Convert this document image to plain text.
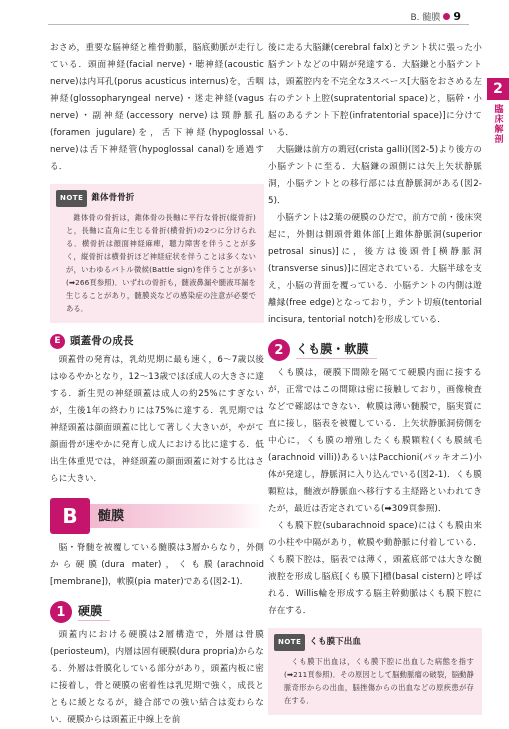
B. 髄膜 9
2
臨床解剖

おさめ，重要な脳神経と椎骨動脈，脳底動脈が走行している．頭面神経(facial nerve)・聴神経(acoustic nerve)は内耳孔(porus acusticus internus)を，舌咽神経(glossopharyngeal nerve)・迷走神経(vagus nerve)・副神経(accessory nerve)は頸静脈孔(foramen jugulare)を，舌下神経(hypoglossal nerve)は舌下神経管(hypoglossal canal)を通過する．

NOTE 錐体骨骨折

錐体骨の骨折は，錐体骨の長軸に平行な骨折(縦骨折)と，長軸に直角に生じる骨折(横骨折)の2つに分けられる．横骨折は顔面神経麻痺，聴力障害を伴うことが多く，縦骨折は横骨折ほど神経症状を伴うことは多くないが，いわゆるバトル徴候(Battle sign)を伴うことが多い(➡266頁参照)．いずれの骨折も，髄液鼻漏や髄液耳漏を生じることがあり，髄膜炎などの感染症の注意が必要である．

E 頭蓋骨の成長

頭蓋骨の発育は，乳幼児期に最も速く，6～7歳以後はゆるやかとなり，12～13歳でほぼ成人の大きさに達する．新生児の神経頭蓋は成人の約25%にすぎないが，生後1年の終わりには75%に達する．乳児期では神経頭蓋は顔面頭蓋に比して著しく大きいが，やがて顔面骨が速やかに発育し成人における比に達する．低出生体重児では，神経頭蓋の顔面頭蓋に対する比はさらに大きい．

B	髄膜

脳・脊髄を被覆している髄膜は3層からなり，外側から硬膜(dura mater)，くも膜(arachnoid [membrane])，軟膜(pia mater)である(図2-1)．

1	硬膜

頭蓋内における硬膜は2層構造で，外層は骨膜(periosteum)，内層は固有硬膜(dura propria)からなる．外層は骨膜化している部分があり，頭蓋内板に密に接着し，骨と硬膜の密着性は乳児期で強く，成長とともに緩となるが，縫合部での強い結合は変わらない．硬膜からは頭蓋正中線上を前

後に走る大脳鎌(cerebral falx)とテント状に張った小脳テントなどの中隔が発達する．大脳鎌と小脳テントは，頭蓋腔内を不完全な3スペース[大脳をおさめる左右のテント上腔(supratentorial space)と，脳幹・小脳のあるテント下腔(infratentorial space)]に分けている．

大脳鎌は前方の鶏冠(crista galli)(図2-5)より後方の小脳テントに至る．大脳鎌の頭側には矢上矢状静脈洞，小脳テントとの移行部には直静脈洞がある(図2-5)．

小脳テントは2葉の硬膜のひだで，前方で前・後床突起に，外側は側頭骨錐体部[上錐体静脈洞(superior petrosal sinus)]に，後方は後頭骨[横静脈洞(transverse sinus)]に固定されている．大脳半球を支え，小脳の背面を覆っている．小脳テントの内側は遊離縁(free edge)となっており，テント切痕(tentorial incisura, tentorial notch)を形成している．

2	くも膜・軟膜

くも膜は，硬膜下間隙を隔てて硬膜内面に接するが，正常ではこの間隙は密に接触しており，画像検査などで確認はできない．軟膜は薄い髄膜で，脳実質に直に接し，脳表を被覆している．上矢状静脈洞傍側を中心に，くも膜の増殖したくも膜顆粒(くも膜絨毛(arachnoid villi))あるいはPacchioni(パッキオニ)小体が発達し，静脈洞に入り込んでいる(図2-1)．くも膜顆粒は，髄液が静脈血へ移行する主経路といわれてきたが，最近は否定されている(➡309頁参照)．

くも膜下腔(subarachnoid space)にはくも膜由来の小柱や中隔があり，軟膜や動静脈に付着している．くも膜下腔は，脳表では薄く，頭蓋底部では大きな髄液腔を形成し脳底[くも膜下]槽(basal cistern)と呼ばれる．Willis輪を形成する脳主幹動脈はくも膜下腔に存在する．

NOTE くも膜下出血

くも膜下出血は，くも膜下腔に出血した病態を指す(➡211頁参照)．その原因として脳動脈瘤の破裂，脳動静脈奇形からの出血，脳挫傷からの出血などの原疾患が存在する．
